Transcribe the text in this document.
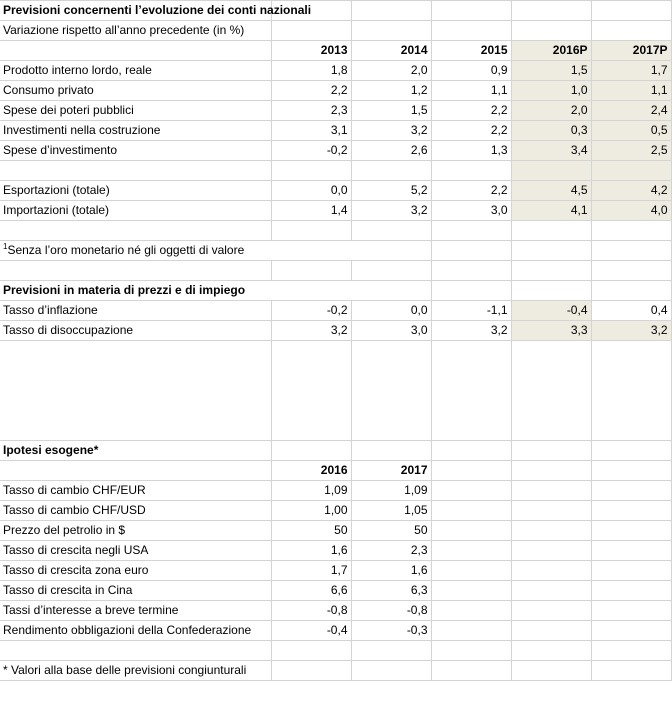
Previsioni concernenti l’evoluzione dei conti nazionali					
Variazione rispetto all’anno precedente (in %)					
	2013	2014	2015	2016P	2017P
Prodotto interno lordo, reale	1,8	2,0	0,9	1,5	1,7
Consumo privato	2,2	1,2	1,1	1,0	1,1
Spese dei poteri pubblici	2,3	1,5	2,2	2,0	2,4
Investimenti nella costruzione	3,1	3,2	2,2	0,3	0,5
Spese d’investimento	-0,2	2,6	1,3	3,4	2,5

Esportazioni (totale)	0,0	5,2	2,2	4,5	4,2
Importazioni (totale)	1,4	3,2	3,0	4,1	4,0

$^1$Senza l’oro monetario né gli oggetti di valore					

Previsioni in materia di prezzi e di impiego					
Tasso d’inflazione	-0,2	0,0	-1,1	-0,4	0,4
Tasso di disoccupazione	3,2	3,0	3,2	3,3	3,2

Ipotesi esogene*					
	2016	2017			
Tasso di cambio CHF/EUR	1,09	1,09			
Tasso di cambio CHF/USD	1,00	1,05			
Prezzo del petrolio in $	50	50			
Tasso di crescita negli USA	1,6	2,3			
Tasso di crescita zona euro	1,7	1,6			
Tasso di crescita in Cina	6,6	6,3			
Tassi d’interesse a breve termine	-0,8	-0,8			
Rendimento obbligazioni della Confederazione	-0,4	-0,3			

* Valori alla base delle previsioni congiunturali					
